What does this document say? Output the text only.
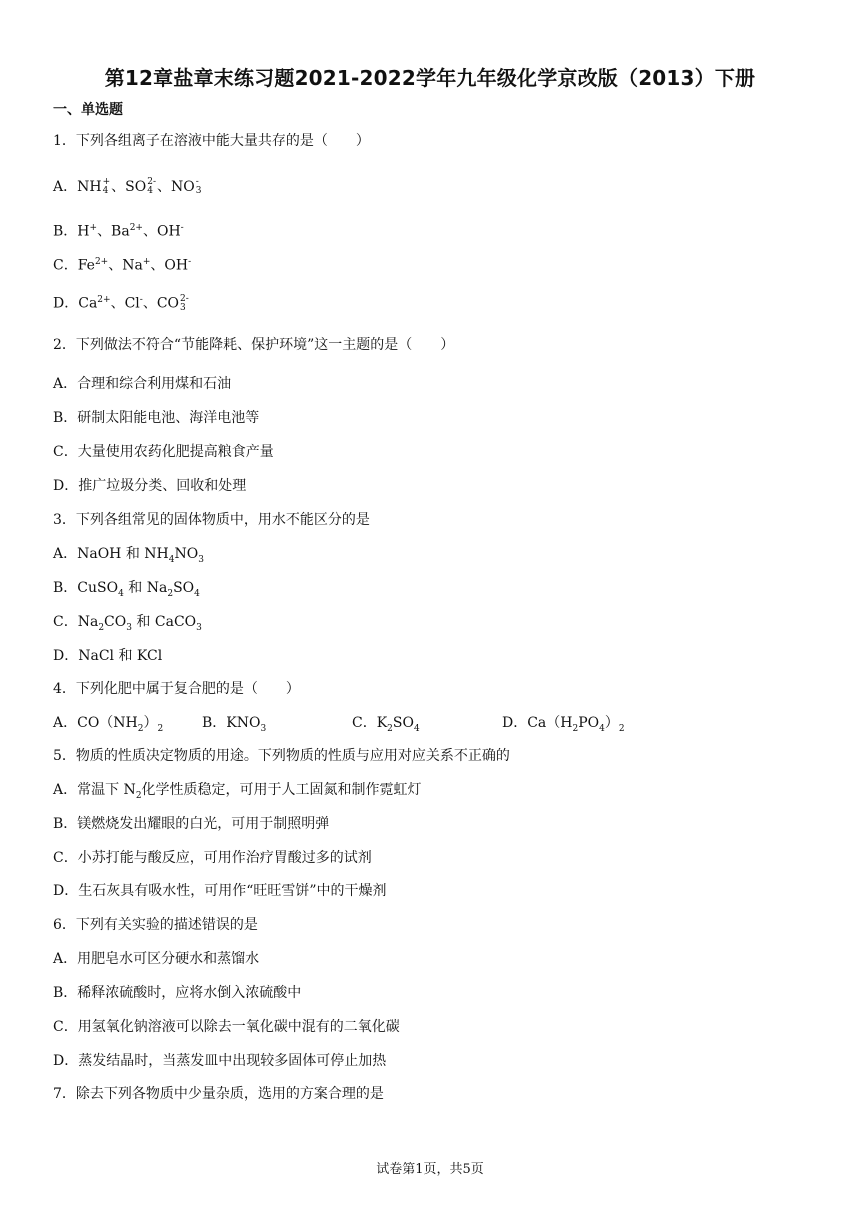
第12章盐章末练习题2021-2022学年九年级化学京改版（2013）下册
一、单选题
1．下列各组离子在溶液中能大量共存的是（　　）
A．NH +
4 、SO 2-
4 、NO -
3
B．H+、$Ba^{2+}$、OH-
C．$Fe^{2+}$、Na+、OH-
D．$Ca^{2+}$、Cl-、CO 2-
3
2．下列做法不符合“节能降耗、保护环境”这一主题的是（　　）
A．合理和综合利用煤和石油
B．研制太阳能电池、海洋电池等
C．大量使用农药化肥提高粮食产量
D．推广垃圾分类、回收和处理
3．下列各组常见的固体物质中，用水不能区分的是
A．NaOH 和 $NH_4NO_3$
B．CuSO$_4$ 和 $Na_2SO_4$
C．$Na_2CO_3$ 和 CaCO$_3$
D．NaCl 和 KCl
4．下列化肥中属于复合肥的是（　　）
A．$CO(NH_2)_2$	B．$KNO_3$	C．$K_2SO_4$	D．$Ca(H_2PO_4)_2$
5．物质的性质决定物质的用途。下列物质的性质与应用对应关系不正确的
A．常温下 $N_2$化学性质稳定，可用于人工固氮和制作霓虹灯
B．镁燃烧发出耀眼的白光，可用于制照明弹
C．小苏打能与酸反应，可用作治疗胃酸过多的试剂
D．生石灰具有吸水性，可用作“旺旺雪饼”中的干燥剂
6．下列有关实验的描述错误的是
A．用肥皂水可区分硬水和蒸馏水
B．稀释浓硫酸时，应将水倒入浓硫酸中
C．用氢氧化钠溶液可以除去一氧化碳中混有的二氧化碳
D．蒸发结晶时，当蒸发皿中出现较多固体可停止加热
7．除去下列各物质中少量杂质，选用的方案合理的是
试卷第1页，共5页
